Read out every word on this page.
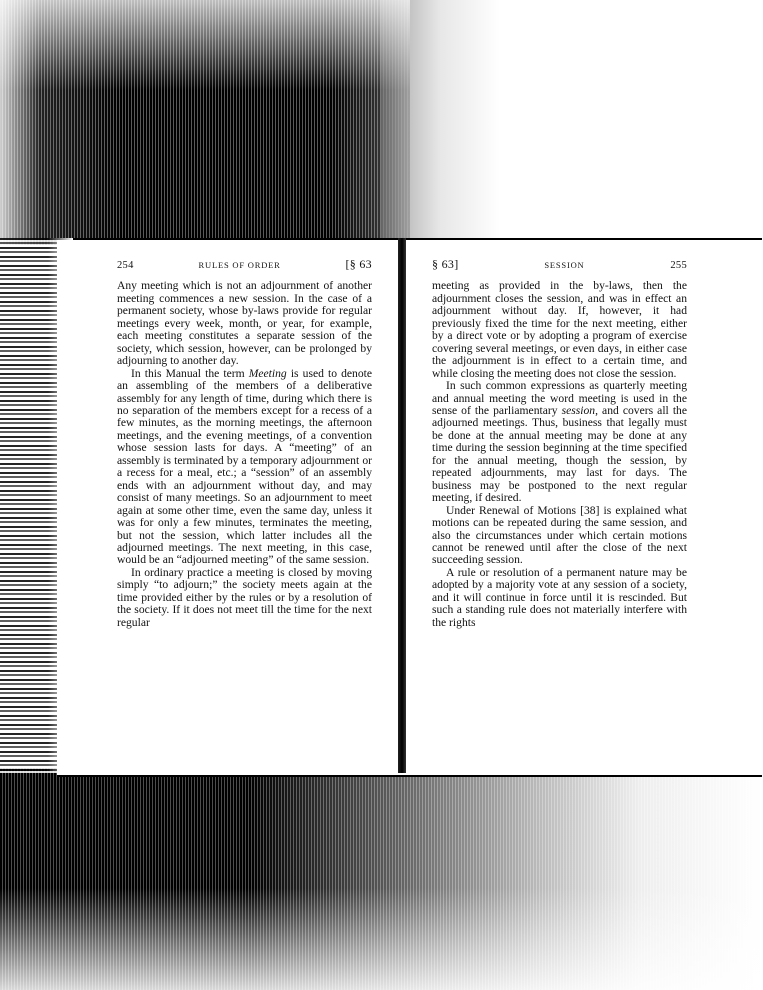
254	RULES OF ORDER	[§ 63

Any meeting which is not an adjournment of another meeting commences a new session. In the case of a permanent society, whose by-laws provide for regular meetings every week, month, or year, for example, each meeting constitutes a separate session of the society, which session, however, can be prolonged by adjourning to another day.

In this Manual the term Meeting is used to denote an assembling of the members of a deliberative assembly for any length of time, during which there is no separation of the members except for a recess of a few minutes, as the morning meetings, the afternoon meetings, and the evening meetings, of a convention whose session lasts for days. A “meeting” of an assembly is terminated by a temporary adjournment or a recess for a meal, etc.; a “session” of an assembly ends with an adjournment without day, and may consist of many meetings. So an adjournment to meet again at some other time, even the same day, unless it was for only a few minutes, terminates the meeting, but not the session, which latter includes all the adjourned meetings. The next meeting, in this case, would be an “adjourned meeting” of the same session.

In ordinary practice a meeting is closed by moving simply “to adjourn;” the society meets again at the time provided either by the rules or by a resolution of the society. If it does not meet till the time for the next regular

§ 63]	SESSION	255

meeting as provided in the by-laws, then the adjournment closes the session, and was in effect an adjournment without day. If, however, it had previously fixed the time for the next meeting, either by a direct vote or by adopting a program of exercise covering several meetings, or even days, in either case the adjournment is in effect to a certain time, and while closing the meeting does not close the session.

In such common expressions as quarterly meeting and annual meeting the word meeting is used in the sense of the parliamentary session, and covers all the adjourned meetings. Thus, business that legally must be done at the annual meeting may be done at any time during the session beginning at the time specified for the annual meeting, though the session, by repeated adjournments, may last for days. The business may be postponed to the next regular meeting, if desired.

Under Renewal of Motions [38] is explained what motions can be repeated during the same session, and also the circumstances under which certain motions cannot be renewed until after the close of the next succeeding session.

A rule or resolution of a permanent nature may be adopted by a majority vote at any session of a society, and it will continue in force until it is rescinded. But such a standing rule does not materially interfere with the rights
